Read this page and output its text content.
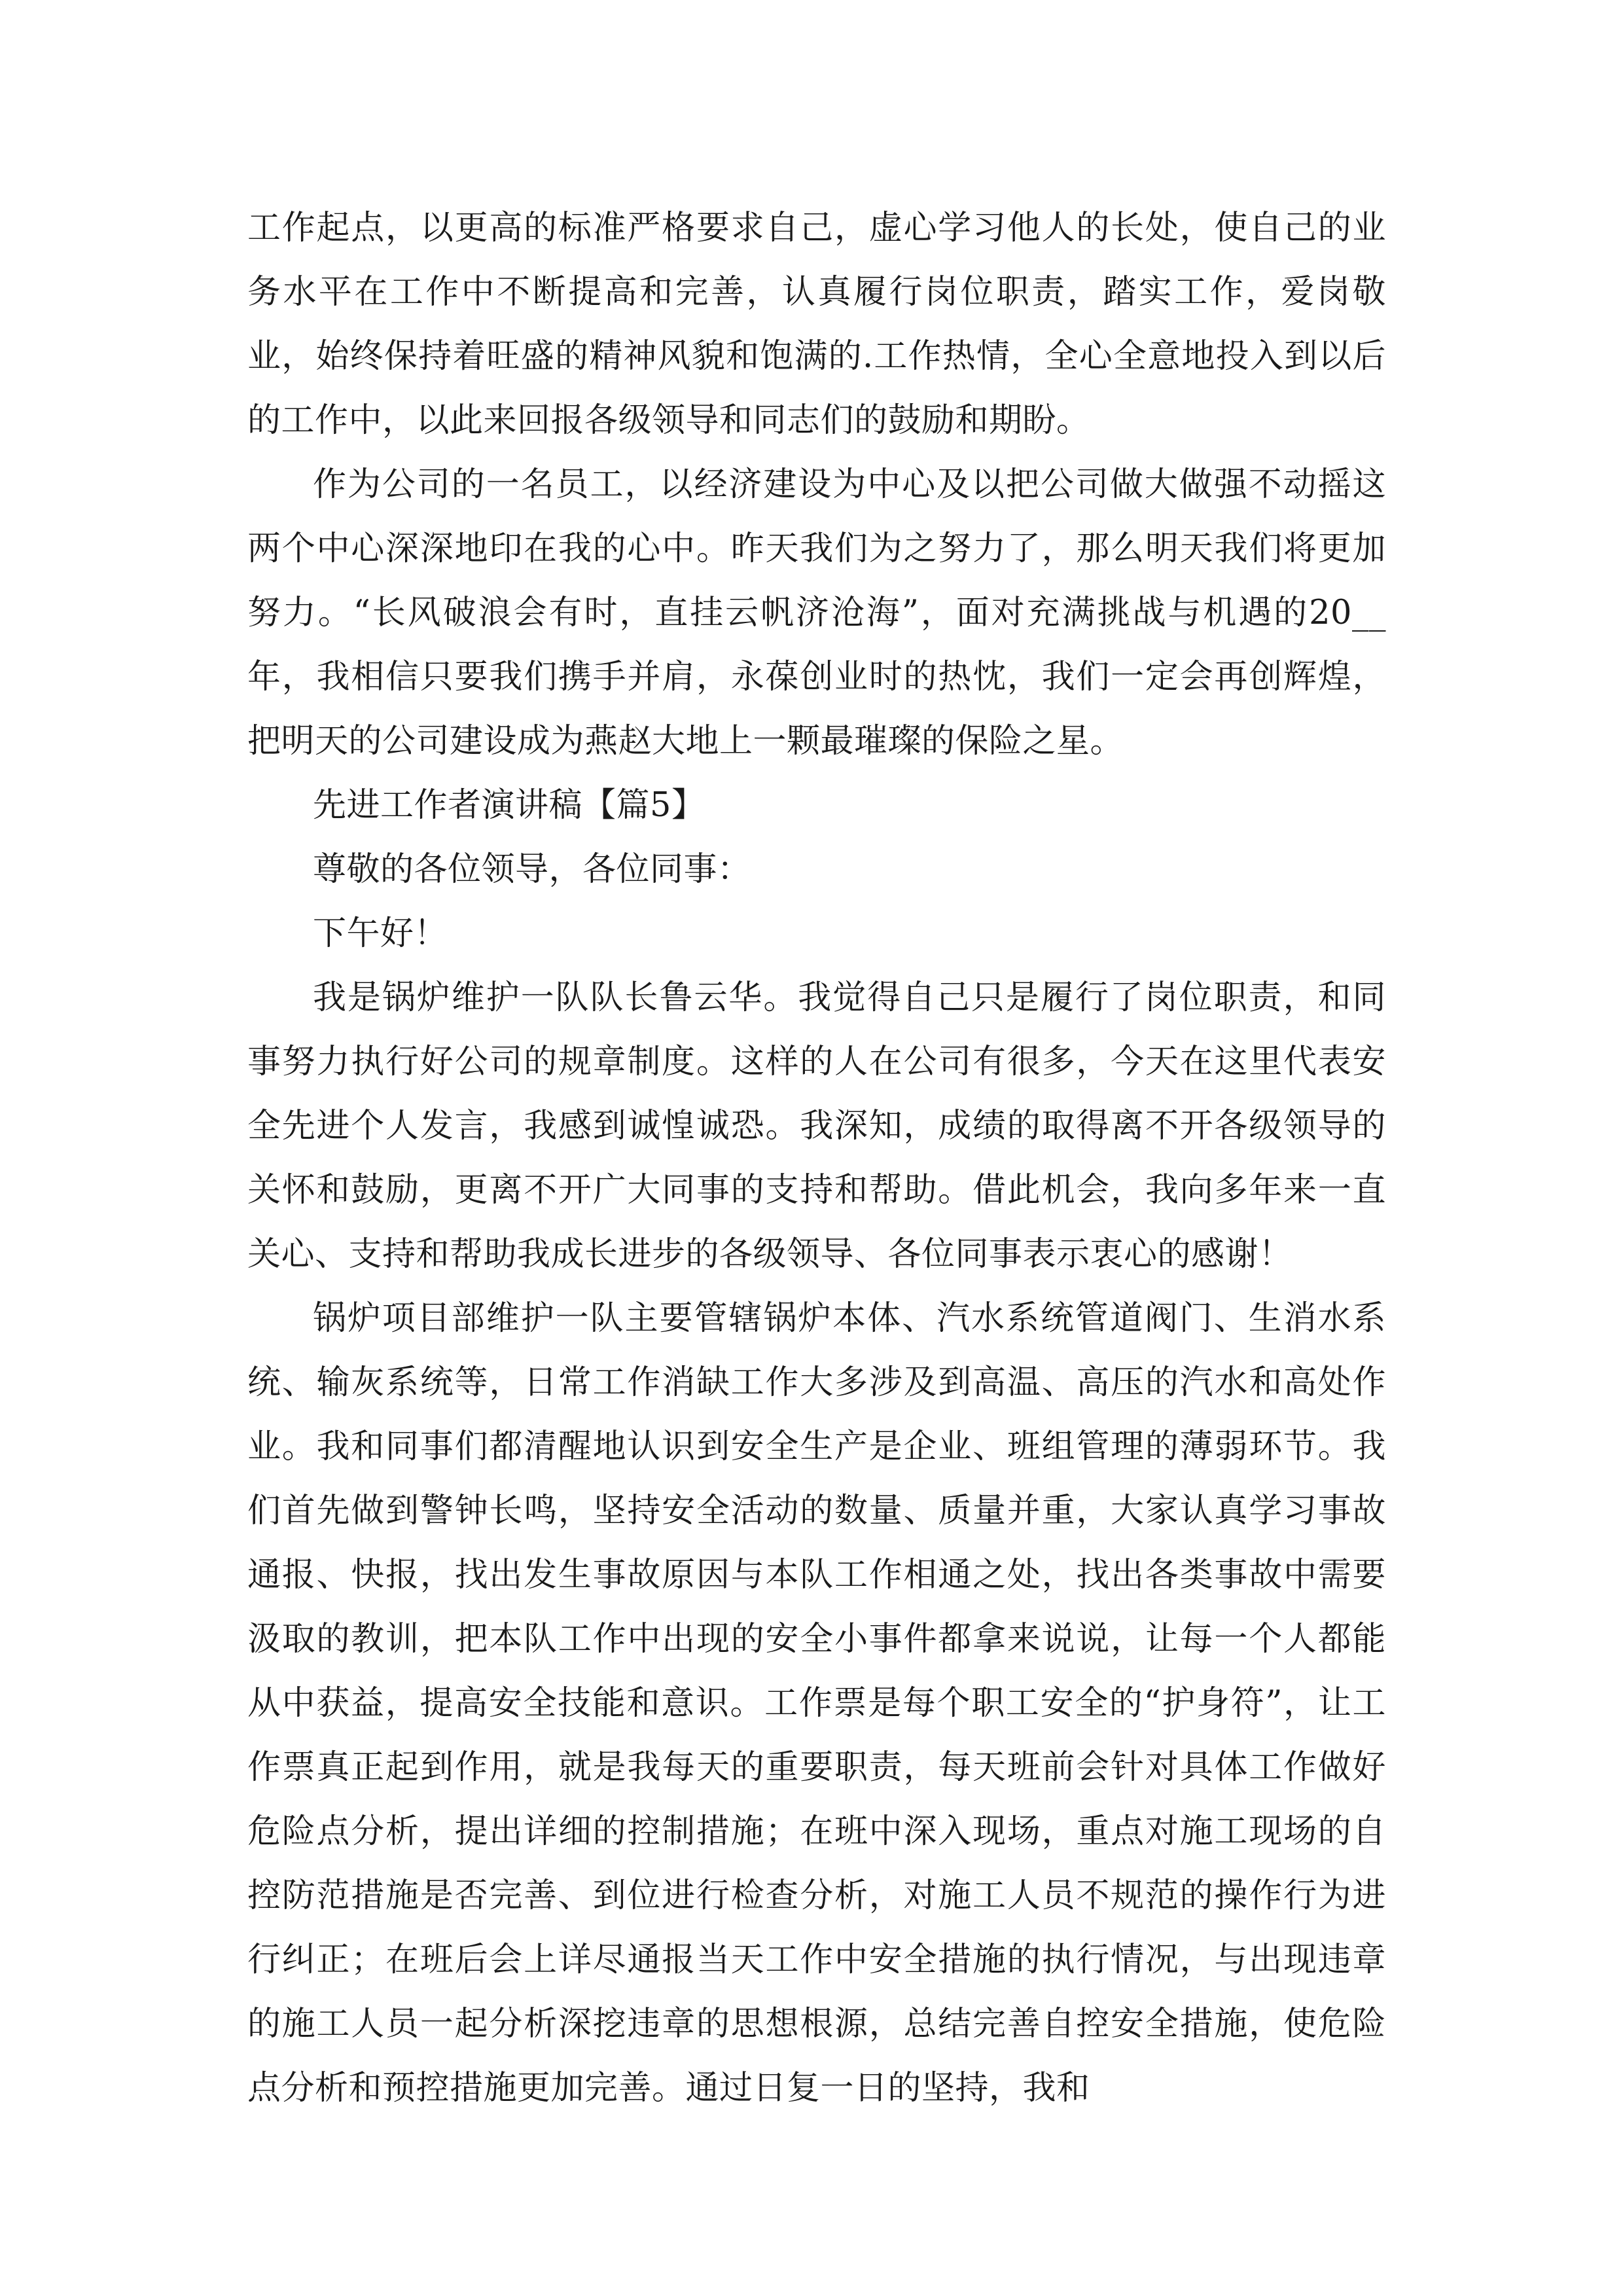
工作起点，以更高的标准严格要求自己，虚心学习他人的长处，使自己的业务水平在工作中不断提高和完善，认真履行岗位职责，踏实工作，爱岗敬业，始终保持着旺盛的精神风貌和饱满的.工作热情，全心全意地投入到以后的工作中，以此来回报各级领导和同志们的鼓励和期盼。

作为公司的一名员工，以经济建设为中心及以把公司做大做强不动摇这两个中心深深地印在我的心中。昨天我们为之努力了，那么明天我们将更加努力。“长风破浪会有时，直挂云帆济沧海”，面对充满挑战与机遇的20__年，我相信只要我们携手并肩，永葆创业时的热忱，我们一定会再创辉煌，把明天的公司建设成为燕赵大地上一颗最璀璨的保险之星。

先进工作者演讲稿【篇5】

尊敬的各位领导，各位同事：

下午好！

我是锅炉维护一队队长鲁云华。我觉得自己只是履行了岗位职责，和同事努力执行好公司的规章制度。这样的人在公司有很多，今天在这里代表安全先进个人发言，我感到诚惶诚恐。我深知，成绩的取得离不开各级领导的关怀和鼓励，更离不开广大同事的支持和帮助。借此机会，我向多年来一直关心、支持和帮助我成长进步的各级领导、各位同事表示衷心的感谢！

锅炉项目部维护一队主要管辖锅炉本体、汽水系统管道阀门、生消水系统、输灰系统等，日常工作消缺工作大多涉及到高温、高压的汽水和高处作业。我和同事们都清醒地认识到安全生产是企业、班组管理的薄弱环节。我们首先做到警钟长鸣，坚持安全活动的数量、质量并重，大家认真学习事故通报、快报，找出发生事故原因与本队工作相通之处，找出各类事故中需要汲取的教训，把本队工作中出现的安全小事件都拿来说说，让每一个人都能从中获益，提高安全技能和意识。工作票是每个职工安全的“护身符”，让工作票真正起到作用，就是我每天的重要职责，每天班前会针对具体工作做好危险点分析，提出详细的控制措施；在班中深入现场，重点对施工现场的自控防范措施是否完善、到位进行检查分析，对施工人员不规范的操作行为进行纠正；在班后会上详尽通报当天工作中安全措施的执行情况，与出现违章的施工人员一起分析深挖违章的思想根源，总结完善自控安全措施，使危险点分析和预控措施更加完善。通过日复一日的坚持，我和
